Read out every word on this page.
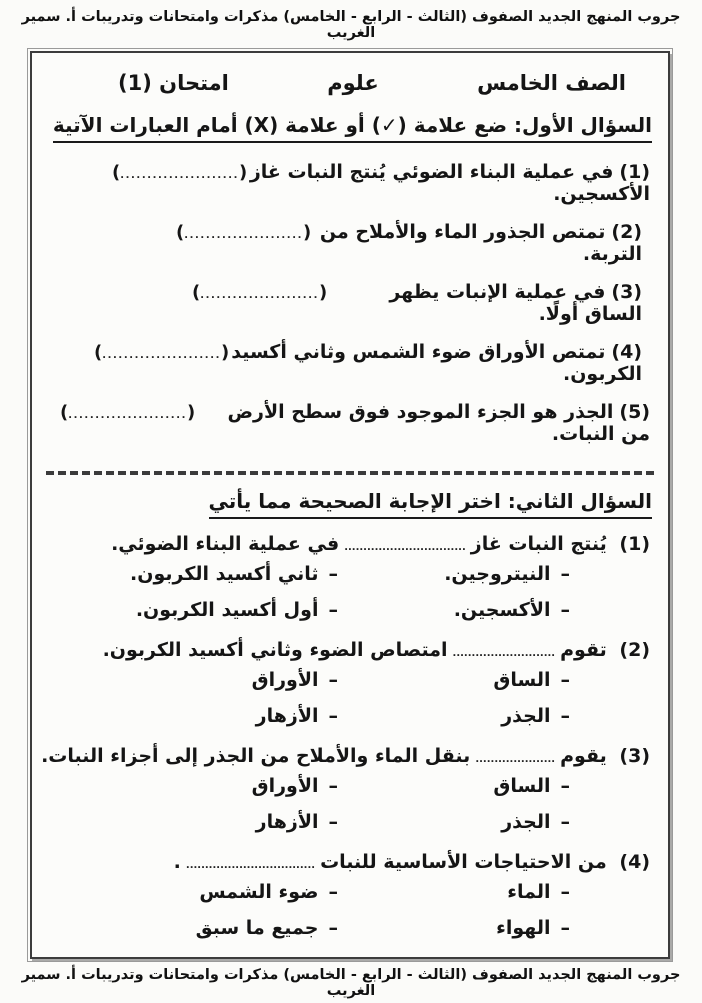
جروب المنهج الجديد الصفوف (الثالث - الرابع - الخامس) مذكرات وامتحانات وتدريبات أ. سمير الغريب
الصف الخامس
علوم
امتحان (1)
السؤال الأول: ضع علامة (✓) أو علامة (X) أمام العبارات الآتية
(1)في عملية البناء الضوئي يُنتج النبات غاز الأكسجين.
(......................)
(2)تمتص الجذور الماء والأملاح من التربة.
(......................)
(3)في عملية الإنبات يظهر الساق أولًا.
(......................)
(4)تمتص الأوراق ضوء الشمس وثاني أكسيد الكربون.
(......................)
(5)الجذر هو الجزء الموجود فوق سطح الأرض من النبات.
(......................)
السؤال الثاني: اختر الإجابة الصحيحة مما يأتي
(1) يُنتج النبات غاز................................في عملية البناء الضوئي.
–النيتروجين.
–ثاني أكسيد الكربون.
–الأكسجين.
–أول أكسيد الكربون.
(2) تقوم...........................امتصاص الضوء وثاني أكسيد الكربون.
–الساق
–الأوراق
–الجذر
–الأزهار
(3) يقوم.....................بنقل الماء والأملاح من الجذر إلى أجزاء النبات.
–الساق
–الأوراق
–الجذر
–الأزهار
(4) من الاحتياجات الأساسية للنبات...................................
–الماء
–ضوء الشمس
–الهواء
–جميع ما سبق
جروب المنهج الجديد الصفوف (الثالث - الرابع - الخامس) مذكرات وامتحانات وتدريبات أ. سمير الغريب
